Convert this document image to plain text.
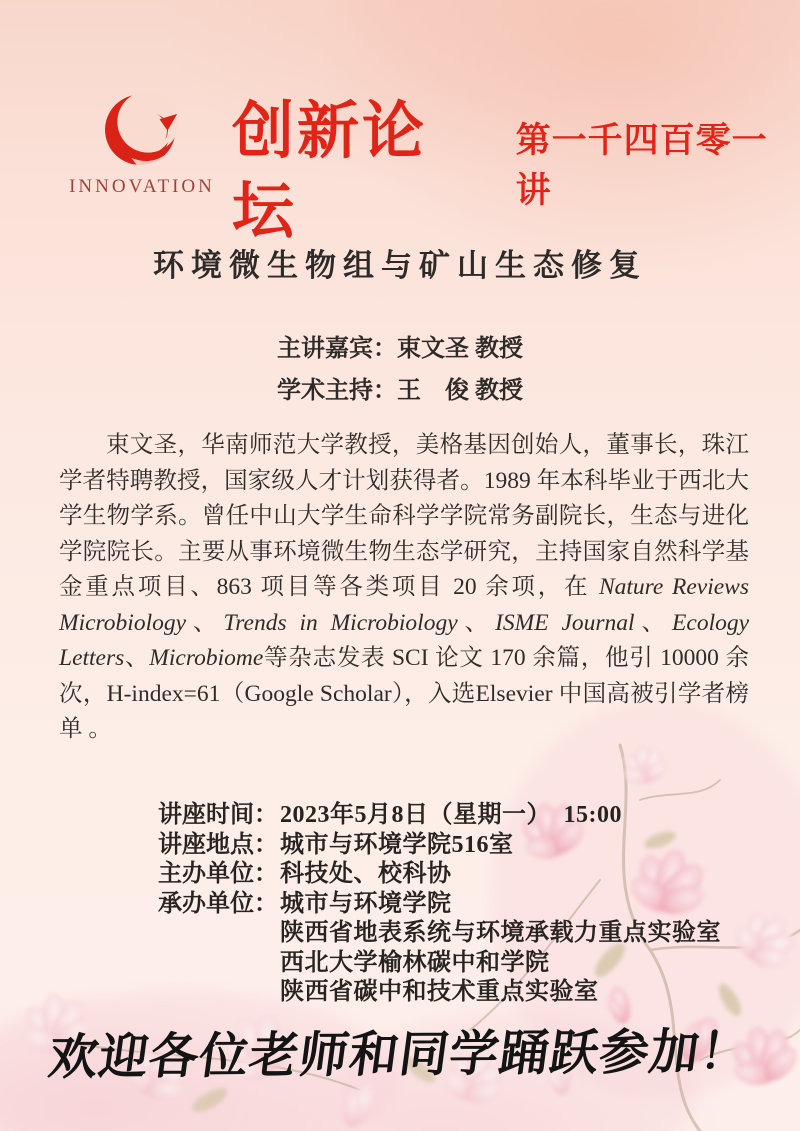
INNOVATION
创新论坛
第一千四百零一讲
环境微生物组与矿山生态修复
主讲嘉宾：束文圣 教授
学术主持：王　俊 教授

束文圣，华南师范大学教授，美格基因创始人，董事长，珠江学者特聘教授，国家级人才计划获得者。1989 年本科毕业于西北大学生物学系。曾任中山大学生命科学学院常务副院长，生态与进化学院院长。主要从事环境微生物生态学研究，主持国家自然科学基金重点项目、863 项目等各类项目 20 余项，在 Nature Reviews Microbiology、Trends in Microbiology、ISME Journal、Ecology Letters、Microbiome等杂志发表 SCI 论文 170 余篇，他引 10000 余次，H-index=61（Google Scholar），入选Elsevier 中国高被引学者榜单 。

讲座时间：2023年5月8日（星期一）　15:00
讲座地点：城市与环境学院516室
主办单位：科技处、校科协
承办单位：城市与环境学院
陕西省地表系统与环境承载力重点实验室
西北大学榆林碳中和学院
陕西省碳中和技术重点实验室
欢迎各位老师和同学踊跃参加！
